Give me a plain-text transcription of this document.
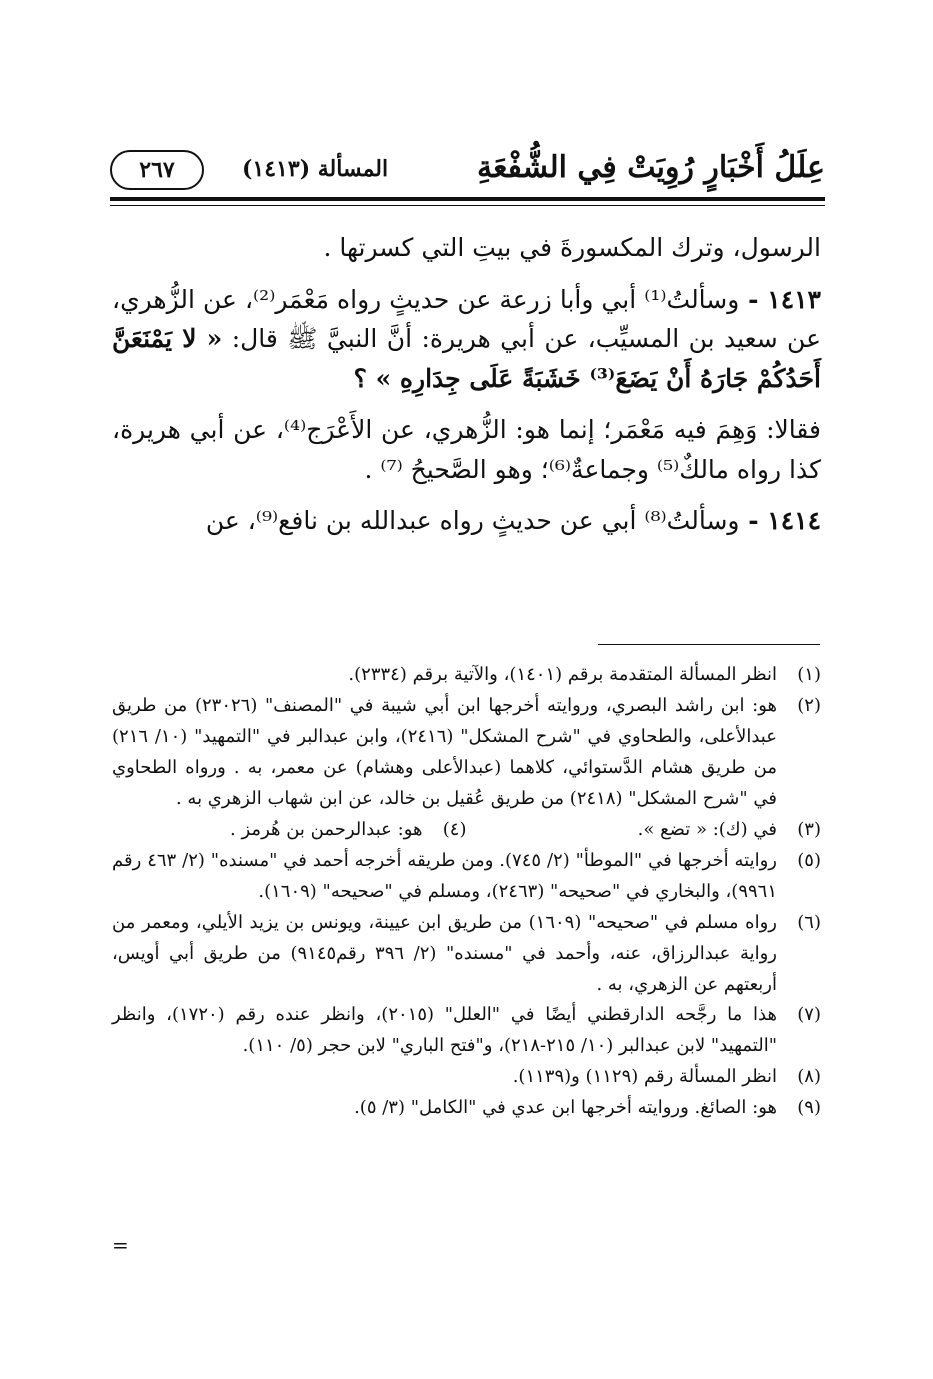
عِلَلُ أَخْبَارٍ رُوِيَتْ فِي الشُّفْعَةِ
المسألة (١٤١٣)
٢٦٧

الرسول، وترك المكسورةَ في بيتِ التي كسرتها .

١٤١٣ - وسألتُ⁽¹⁾ أبي وأبا زرعة عن حديثٍ رواه مَعْمَر⁽²⁾، عن الزُّهري، عن سعيد بن المسيِّب، عن أبي هريرة: أنَّ النبيَّ ﷺ قال: « لا يَمْنَعَنَّ أَحَدُكُمْ جَارَهُ أَنْ يَضَعَ⁽³⁾ خَشَبَةً عَلَى جِدَارِهِ » ؟

فقالا: وَهِمَ فيه مَعْمَر؛ إنما هو: الزُّهري، عن الأَعْرَج⁽⁴⁾، عن أبي هريرة، كذا رواه مالكٌ⁽⁵⁾ وجماعةٌ⁽⁶⁾؛ وهو الصَّحيحُ ⁽⁷⁾ .

١٤١٤ - وسألتُ⁽⁸⁾ أبي عن حديثٍ رواه عبدالله بن نافع⁽⁹⁾، عن

(١)
انظر المسألة المتقدمة برقم (١٤٠١)، والآتية برقم (٢٣٣٤).
(٢)
هو: ابن راشد البصري، وروايته أخرجها ابن أبي شيبة في "المصنف" (٢٣٠٢٦) من طريق عبدالأعلى، والطحاوي في "شرح المشكل" (٢٤١٦)، وابن عبدالبر في "التمهيد" (١٠/ ٢١٦) من طريق هشام الدَّستوائي، كلاهما (عبدالأعلى وهشام) عن معمر، به . ورواه الطحاوي في "شرح المشكل" (٢٤١٨) من طريق عُقيل بن خالد، عن ابن شهاب الزهري به .
(٣)
في (ك): « تضع ».
(٤)
هو: عبدالرحمن بن هُرمز .
(٥)
روايته أخرجها في "الموطأ" (٢/ ٧٤٥). ومن طريقه أخرجه أحمد في "مسنده" (٢/ ٤٦٣ رقم ٩٩٦١)، والبخاري في "صحيحه" (٢٤٦٣)، ومسلم في "صحيحه" (١٦٠٩).
(٦)
رواه مسلم في "صحيحه" (١٦٠٩) من طريق ابن عيينة، ويونس بن يزيد الأيلي، ومعمر من رواية عبدالرزاق، عنه، وأحمد في "مسنده" (٢/ ٣٩٦ رقم٩١٤٥) من طريق أبي أويس، أربعتهم عن الزهري، به .
(٧)
هذا ما رجَّحه الدارقطني أيضًا في "العلل" (٢٠١٥)، وانظر عنده رقم (١٧٢٠)، وانظر "التمهيد" لابن عبدالبر (١٠/ ٢١٥-٢١٨)، و"فتح الباري" لابن حجر (٥/ ١١٠).
(٨)
انظر المسألة رقم (١١٢٩) و(١١٣٩).
(٩)
هو: الصائغ. وروايته أخرجها ابن عدي في "الكامل" (٣/ ٥).
=
